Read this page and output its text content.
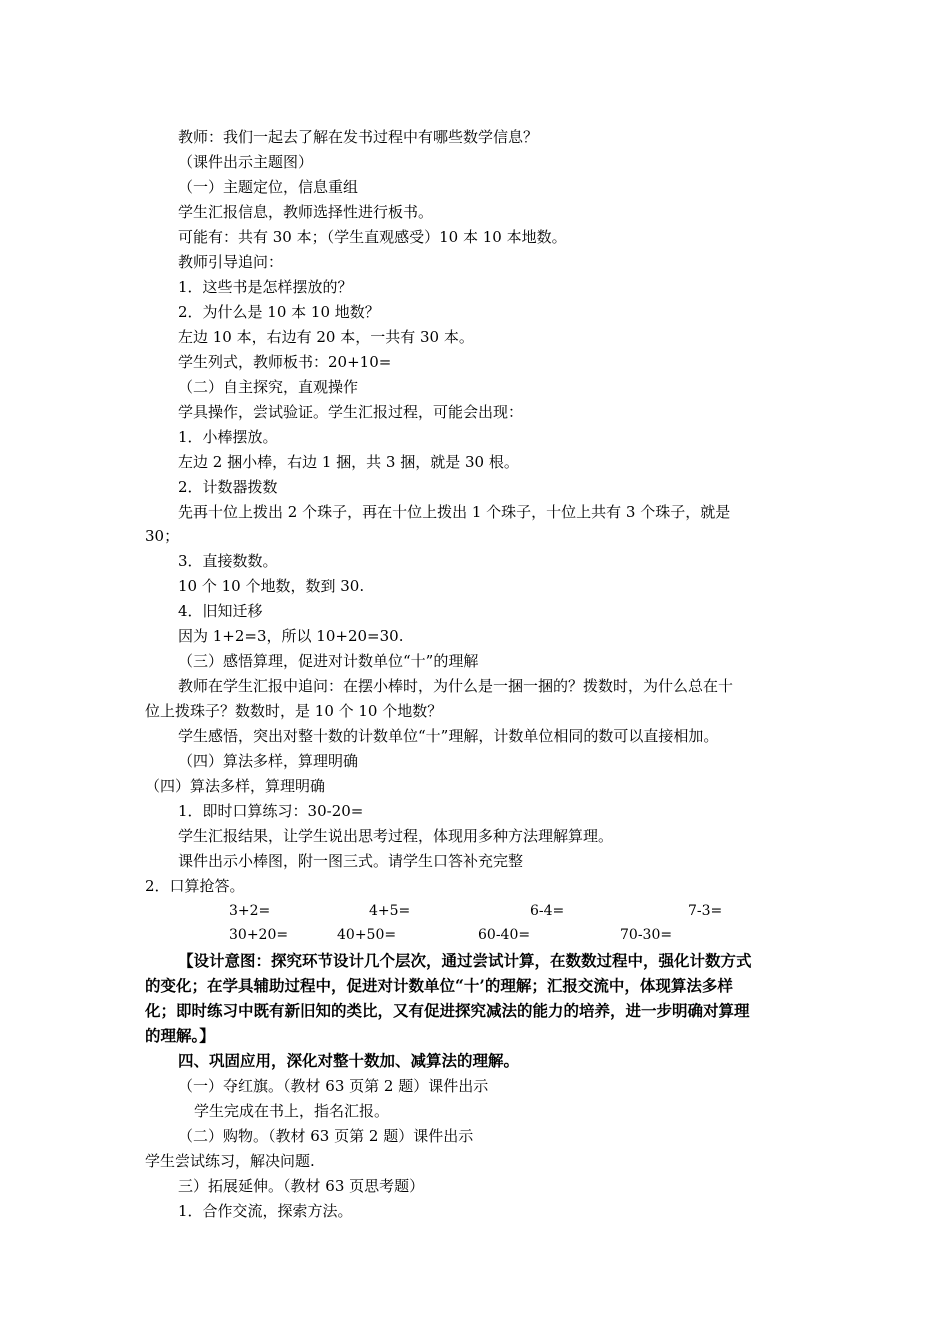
教师：我们一起去了解在发书过程中有哪些数学信息？
（课件出示主题图）
（一）主题定位，信息重组
学生汇报信息，教师选择性进行板书。
可能有：共有 30 本；（学生直观感受）10 本 10 本地数。
教师引导追问：
1．这些书是怎样摆放的？
2．为什么是 10 本 10 地数？
左边 10 本，右边有 20 本，一共有 30 本。
学生列式，教师板书：20+10=
（二）自主探究，直观操作
学具操作，尝试验证。学生汇报过程，可能会出现：
1．小棒摆放。
左边 2 捆小棒，右边 1 捆，共 3 捆，就是 30 根。
2．计数器拨数
先再十位上拨出 2 个珠子，再在十位上拨出 1 个珠子，十位上共有 3 个珠子，就是
30；
3．直接数数。
10 个 10 个地数，数到 30.
4．旧知迁移
因为 1+2=3，所以 10+20=30.
（三）感悟算理，促进对计数单位“十”的理解
教师在学生汇报中追问：在摆小棒时，为什么是一捆一捆的？拨数时，为什么总在十
位上拨珠子？数数时，是 10 个 10 个地数？
学生感悟，突出对整十数的计数单位“十”理解，计数单位相同的数可以直接相加。
（四）算法多样，算理明确
（四）算法多样，算理明确
1．即时口算练习：30-20=
学生汇报结果，让学生说出思考过程，体现用多种方法理解算理。
课件出示小棒图，附一图三式。请学生口答补充完整
2．口算抢答。
3+2=	4+5=	6-4=	7-3=
30+20=	40+50=	60-40=	70-30=
【设计意图：探究环节设计几个层次，通过尝试计算，在数数过程中，强化计数方式
的变化；在学具辅助过程中，促进对计数单位“十’的理解；汇报交流中，体现算法多样
化；即时练习中既有新旧知的类比，又有促进探究减法的能力的培养，进一步明确对算理
的理解。】
四、巩固应用，深化对整十数加、减算法的理解。
（一）夺红旗。（教材 63 页第 2 题）课件出示
学生完成在书上，指名汇报。
（二）购物。（教材 63 页第 2 题）课件出示
学生尝试练习，解决问题.
三）拓展延伸。（教材 63 页思考题）
1．合作交流，探索方法。
